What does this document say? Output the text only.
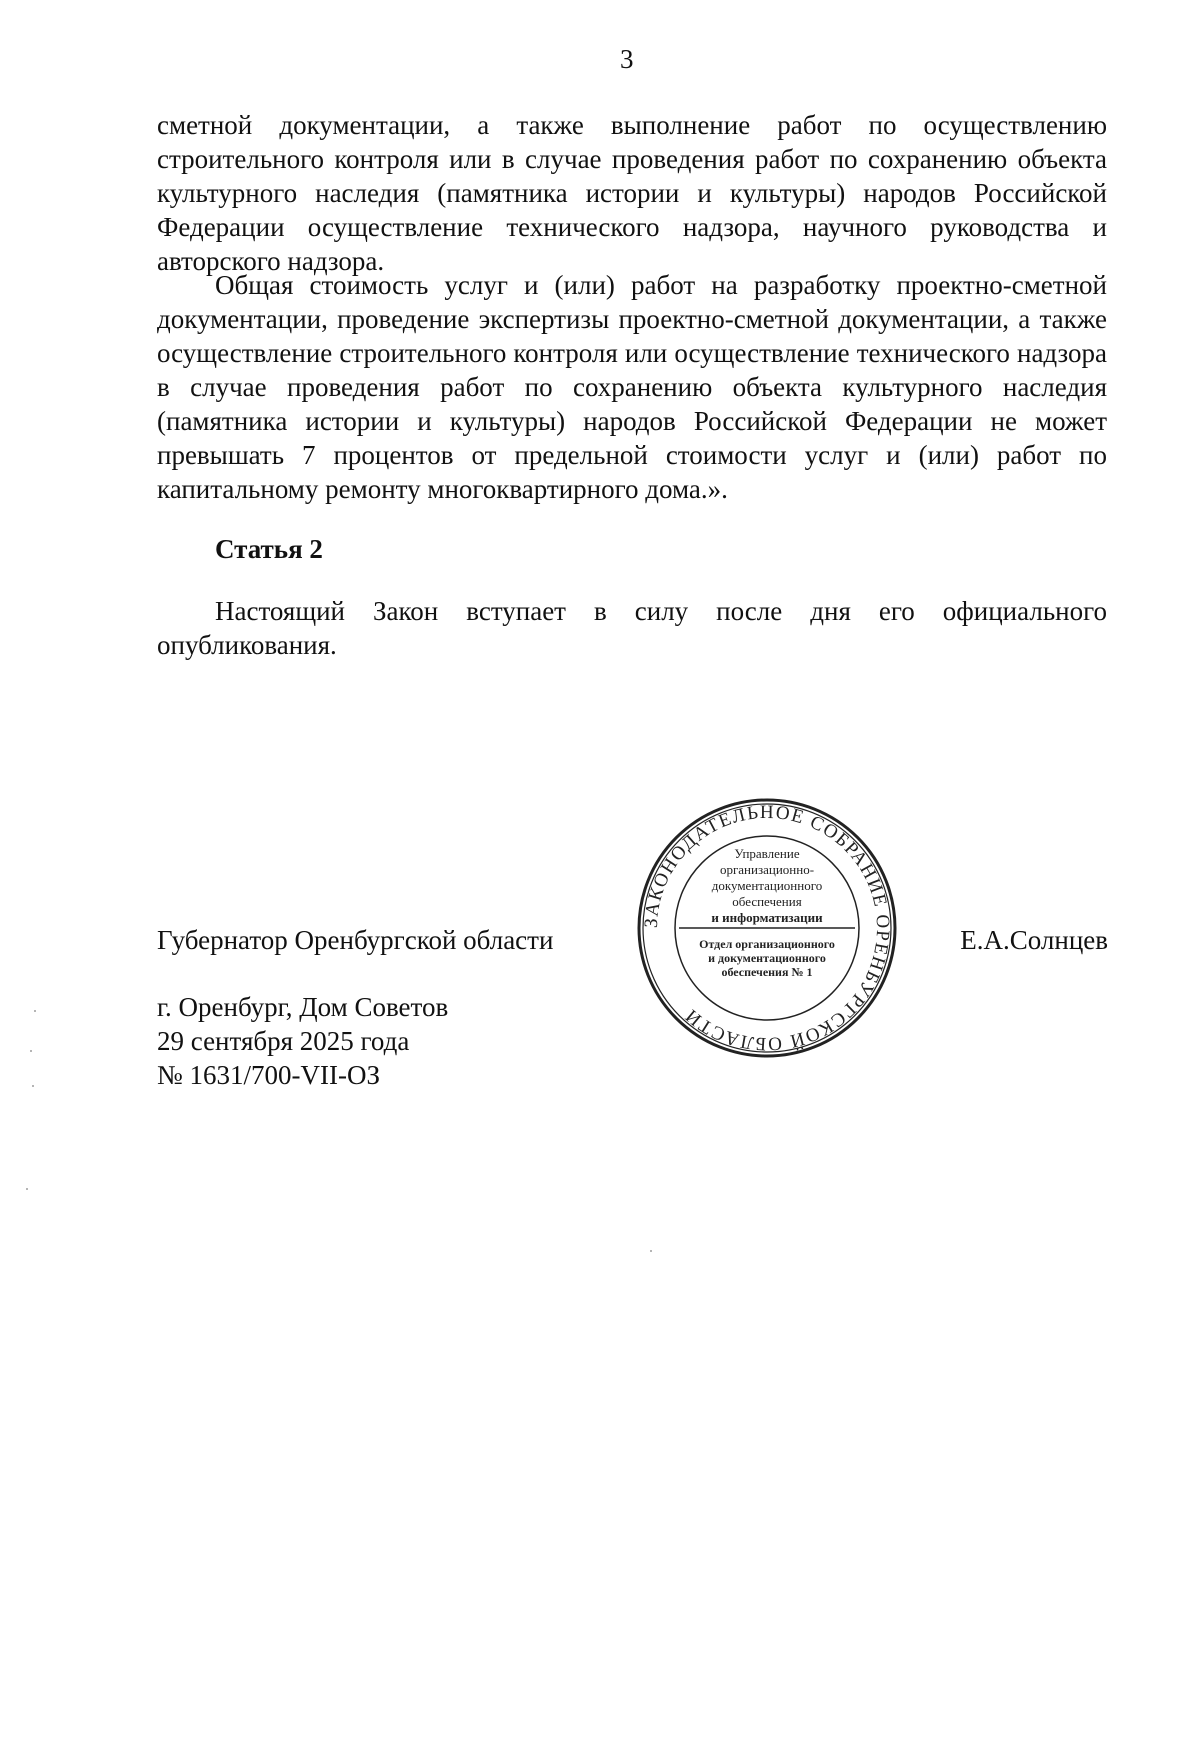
3

сметной документации, а также выполнение работ по осуществлению строительного контроля или в случае проведения работ по сохранению объекта культурного наследия (памятника истории и культуры) народов Российской Федерации осуществление технического надзора, научного руководства и авторского надзора.

Общая стоимость услуг и (или) работ на разработку проектно-сметной документации, проведение экспертизы проектно-сметной документации, а также осуществление строительного контроля или осуществление технического надзора в случае проведения работ по сохранению объекта культурного наследия (памятника истории и культуры) народов Российской Федерации не может превышать 7 процентов от предельной стоимости услуг и (или) работ по капитальному ремонту многоквартирного дома.».

Статья 2

Настоящий Закон вступает в силу после дня его официального опубликования.

Губернатор Оренбургской области	Е.А.Солнцев

г. Оренбург, Дом Советов

29 сентября 2025 года

№ 1631/700-VII-ОЗ

ЗАКОНОДАТЕЛЬНОЕ СОБРАНИЕ ОРЕНБУРГСКОЙ ОБЛАСТИ
Управление
организационно-
документационного
обеспечения
и информатизации
Отдел организационного
и документационного
обеспечения № 1
